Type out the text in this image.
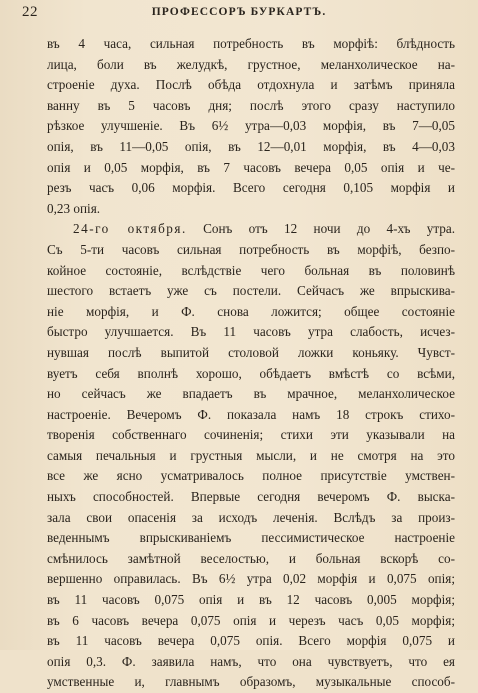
22	ПРОФЕССОРЪ БУРКАРТЪ.
въ 4 часа, сильная потребность въ морфіѣ: блѣдность
лица, боли въ желудкѣ, грустное, меланхолическое на-
строеніе духа. Послѣ обѣда отдохнула и затѣмъ приняла
ванну въ 5 часовъ дня; послѣ этого сразу наступило
рѣзкое улучшеніе. Въ 6½ утра—0,03 морфія, въ 7—0,05
опія, въ 11—0,05 опія, въ 12—0,01 морфія, въ 4—0,03
опія и 0,05 морфія, въ 7 часовъ вечера 0,05 опія и че-
резъ часъ 0,06 морфія. Всего сегодня 0,105 морфія и
0,23 опія.
24-го октября. Сонъ отъ 12 ночи до 4-хъ утра.
Съ 5-ти часовъ сильная потребность въ морфіѣ, безпо-
койное состояніе, вслѣдствіе чего больная въ половинѣ
шестого встаетъ уже съ постели. Сейчасъ же впрыскива-
ніе морфія, и Ф. снова ложится; общее состояніе
быстро улучшается. Въ 11 часовъ утра слабость, исчез-
нувшая послѣ выпитой столовой ложки коньяку. Чувст-
вуетъ себя вполнѣ хорошо, обѣдаетъ вмѣстѣ со всѣми,
но сейчасъ же впадаетъ въ мрачное, меланхолическое
настроеніе. Вечеромъ Ф. показала намъ 18 строкъ стихо-
творенія собственнаго сочиненія; стихи эти указывали на
самыя печальныя и грустныя мысли, и не смотря на это
все же ясно усматривалось полное присутствіе умствен-
ныхъ способностей. Впервые сегодня вечеромъ Ф. выска-
зала свои опасенія за исходъ леченія. Вслѣдъ за произ-
веденнымъ впрыскиваніемъ пессимистическое настроеніе
смѣнилось замѣтной веселостью, и больная вскорѣ со-
вершенно оправилась. Въ 6½ утра 0,02 морфія и 0,075 опія;
въ 11 часовъ 0,075 опія и въ 12 часовъ 0,005 морфія;
въ 6 часовъ вечера 0,075 опія и черезъ часъ 0,05 морфія;
въ 11 часовъ вечера 0,075 опія. Всего морфія 0,075 и
опія 0,3. Ф. заявила намъ, что она чувствуетъ, что ея
умственные и, главнымъ образомъ, музыкальные способ-
